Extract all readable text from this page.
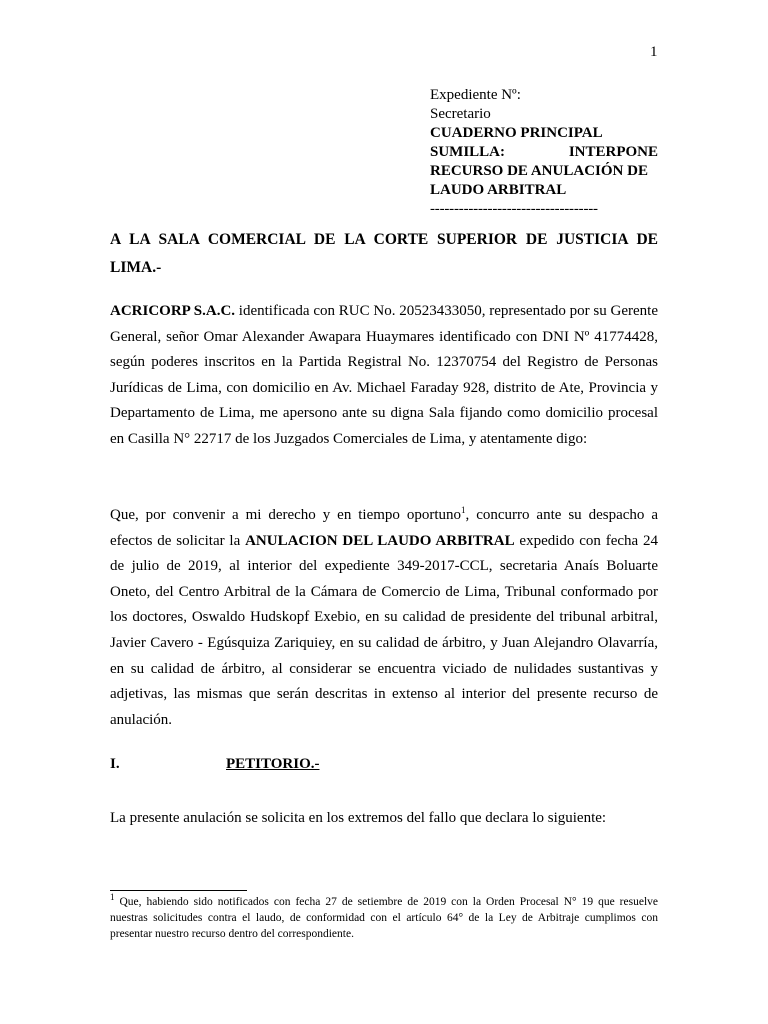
1
Expediente Nº:
Secretario
CUADERNO PRINCIPAL
SUMILLA:	INTERPONE
RECURSO DE ANULACIÓN DE
LAUDO ARBITRAL
-----------------------------------
A LA SALA COMERCIAL DE LA CORTE SUPERIOR DE JUSTICIA DE LIMA.-
ACRICORP S.A.C. identificada con RUC No. 20523433050, representado por su Gerente General, señor Omar Alexander Awapara Huaymares identificado con DNI Nº 41774428, según poderes inscritos en la Partida Registral No. 12370754 del Registro de Personas Jurídicas de Lima, con domicilio en Av. Michael Faraday 928, distrito de Ate, Provincia y Departamento de Lima, me apersono ante su digna Sala fijando como domicilio procesal en Casilla N° 22717 de los Juzgados Comerciales de Lima, y atentamente digo:
Que, por convenir a mi derecho y en tiempo oportuno$^1$, concurro ante su despacho a efectos de solicitar la ANULACION DEL LAUDO ARBITRAL expedido con fecha 24 de julio de 2019, al interior del expediente 349-2017-CCL, secretaria Anaís Boluarte Oneto, del Centro Arbitral de la Cámara de Comercio de Lima, Tribunal conformado por los doctores, Oswaldo Hudskopf Exebio, en su calidad de presidente del tribunal arbitral, Javier Cavero - Egúsquiza Zariquiey, en su calidad de árbitro, y Juan Alejandro Olavarría, en su calidad de árbitro, al considerar se encuentra viciado de nulidades sustantivas y adjetivas, las mismas que serán descritas in extenso al interior del presente recurso de anulación.
I.	PETITORIO.-
La presente anulación se solicita en los extremos del fallo que declara lo siguiente:
$^1$ Que, habiendo sido notificados con fecha 27 de setiembre de 2019 con la Orden Procesal N° 19 que resuelve nuestras solicitudes contra el laudo, de conformidad con el artículo 64° de la Ley de Arbitraje cumplimos con presentar nuestro recurso dentro del correspondiente.
